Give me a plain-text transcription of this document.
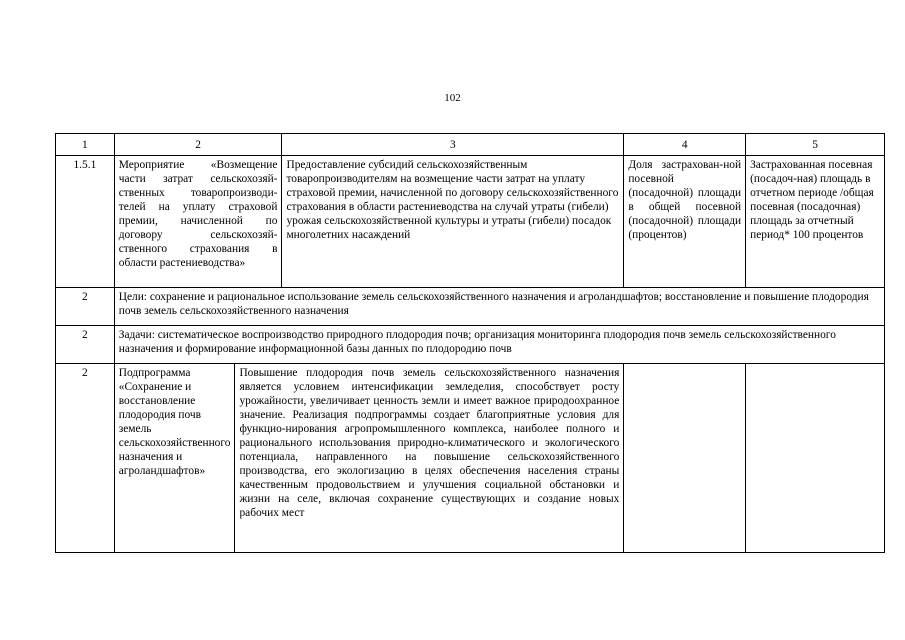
102
1	2		3	4	5
1.5.1	Мероприятие «Возмещение части затрат сельскохозяй-ственных товаропроизводи-телей на уплату страховой премии, начисленной по договору сельскохозяй-ственного страхования в области растениеводства»		Предоставление субсидий сельскохозяйственным товаропроизводителям на возмещение части затрат на уплату страховой премии, начисленной по договору сельскохозяйственного страхования в области растениеводства на случай утраты (гибели) урожая сельскохозяйственной культуры и утраты (гибели) посадок многолетних насаждений	Доля застрахован-ной посевной (посадочной) площади в общей посевной (посадочной) площади (процентов)	Застрахованная посевная (посадоч-ная) площадь в отчетном периоде /общая посевная (посадочная) площадь за отчетный период* 100 процентов
2	Цели: сохранение и рациональное использование земель сельскохозяйственного назначения и агроландшафтов; восстановление и повышение плодородия почв земель сельскохозяйственного назначения				
2	Задачи: систематическое воспроизводство природного плодородия почв; организация мониторинга плодородия почв земель сельскохозяйственного назначения и формирование информационной базы данных по плодородию почв				
2	Подпрограмма «Сохранение и восстановление плодородия почв земель сельскохозяйственного назначения и агроландшафтов»	Повышение плодородия почв земель сельскохозяйственного назначения является условием интенсификации земледелия, способствует росту урожайности, увеличивает ценность земли и имеет важное природоохранное значение. Реализация подпрограммы создает благоприятные условия для функцио-нирования агропромышленного комплекса, наиболее полного и рационального использования природно-климатического и экологического потенциала, направленного на повышение сельскохозяйственного производства, его экологизацию в целях обеспечения населения страны качественным продовольствием и улучшения социальной обстановки и жизни на селе, включая сохранение существующих и создание новых рабочих мест			
